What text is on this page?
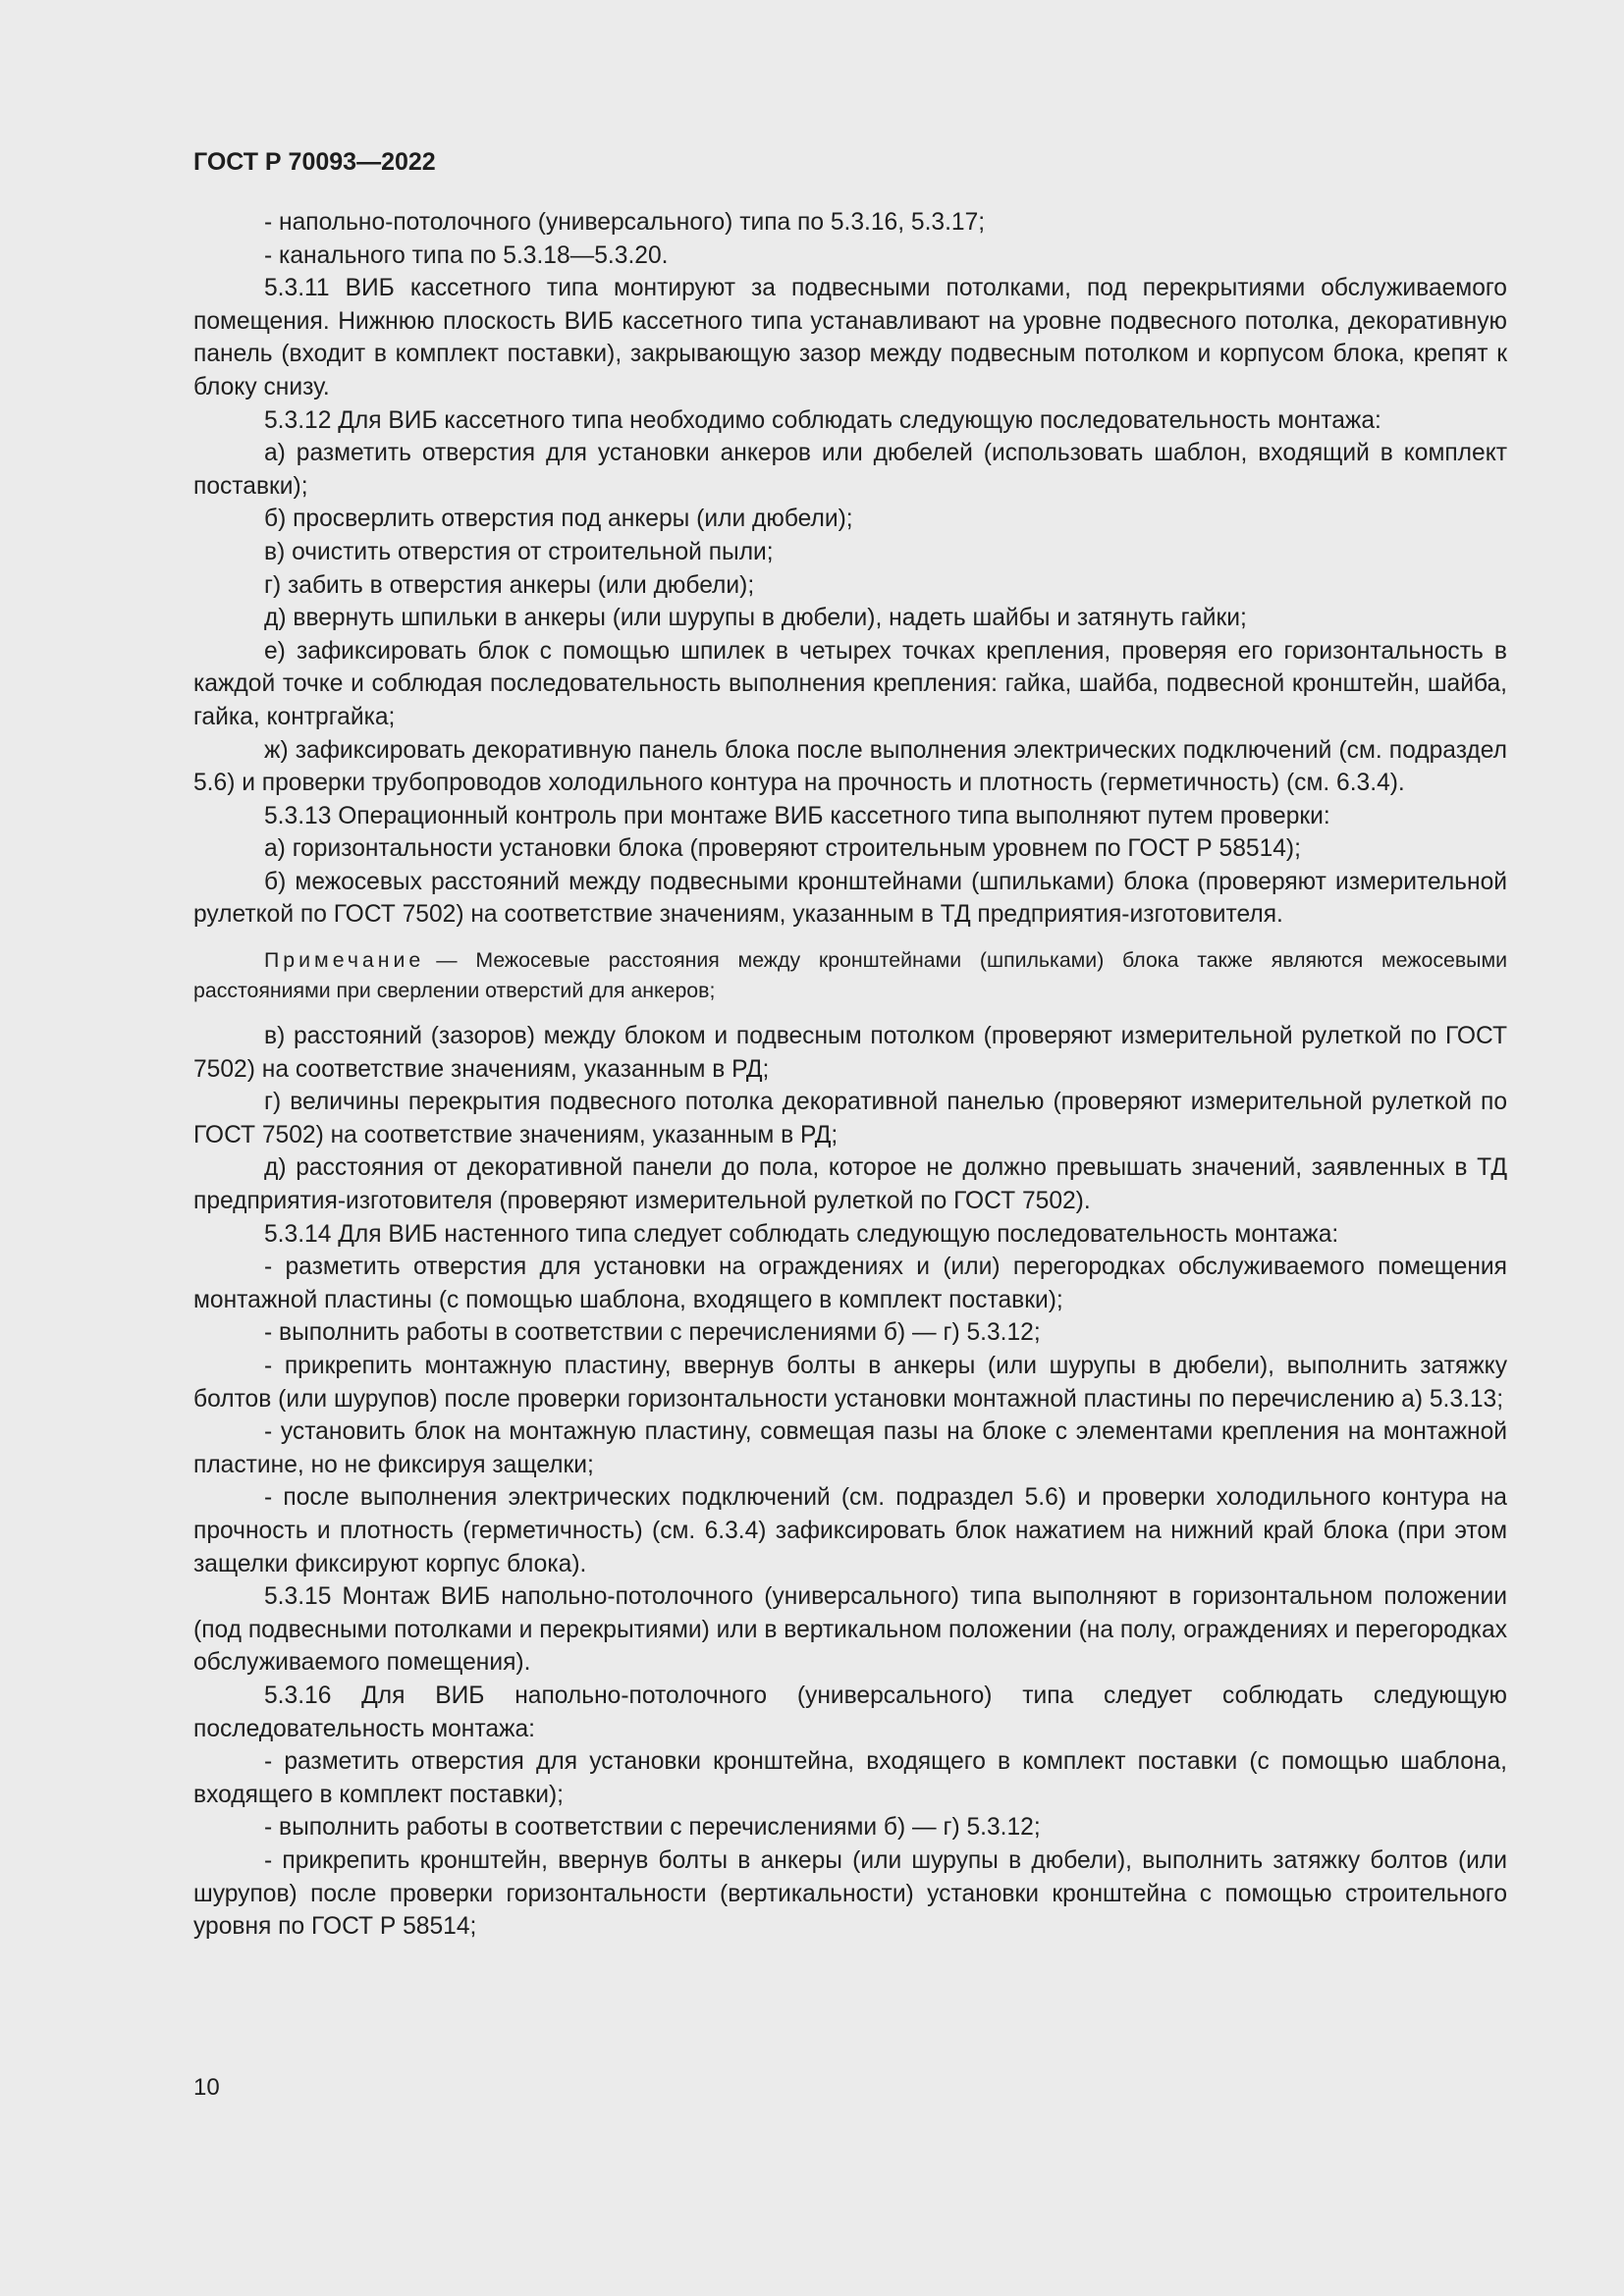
ГОСТ Р 70093—2022

- напольно-потолочного (универсального) типа по 5.3.16, 5.3.17;

- канального типа по 5.3.18—5.3.20.

5.3.11 ВИБ кассетного типа монтируют за подвесными потолками, под перекрытиями обслуживаемого помещения. Нижнюю плоскость ВИБ кассетного типа устанавливают на уровне подвесного потолка, декоративную панель (входит в комплект поставки), закрывающую зазор между подвесным потолком и корпусом блока, крепят к блоку снизу.

5.3.12 Для ВИБ кассетного типа необходимо соблюдать следующую последовательность монтажа:

а) разметить отверстия для установки анкеров или дюбелей (использовать шаблон, входящий в комплект поставки);

б) просверлить отверстия под анкеры (или дюбели);

в) очистить отверстия от строительной пыли;

г) забить в отверстия анкеры (или дюбели);

д) ввернуть шпильки в анкеры (или шурупы в дюбели), надеть шайбы и затянуть гайки;

е) зафиксировать блок с помощью шпилек в четырех точках крепления, проверяя его горизонтальность в каждой точке и соблюдая последовательность выполнения крепления: гайка, шайба, подвесной кронштейн, шайба, гайка, контргайка;

ж) зафиксировать декоративную панель блока после выполнения электрических подключений (см. подраздел 5.6) и проверки трубопроводов холодильного контура на прочность и плотность (герметичность) (см. 6.3.4).

5.3.13 Операционный контроль при монтаже ВИБ кассетного типа выполняют путем проверки:

а) горизонтальности установки блока (проверяют строительным уровнем по ГОСТ Р 58514);

б) межосевых расстояний между подвесными кронштейнами (шпильками) блока (проверяют измерительной рулеткой по ГОСТ 7502) на соответствие значениям, указанным в ТД предприятия-изготовителя.

Примечание — Межосевые расстояния между кронштейнами (шпильками) блока также являются межосевыми расстояниями при сверлении отверстий для анкеров;

в) расстояний (зазоров) между блоком и подвесным потолком (проверяют измерительной рулеткой по ГОСТ 7502) на соответствие значениям, указанным в РД;

г) величины перекрытия подвесного потолка декоративной панелью (проверяют измерительной рулеткой по ГОСТ 7502) на соответствие значениям, указанным в РД;

д) расстояния от декоративной панели до пола, которое не должно превышать значений, заявленных в ТД предприятия-изготовителя (проверяют измерительной рулеткой по ГОСТ 7502).

5.3.14 Для ВИБ настенного типа следует соблюдать следующую последовательность монтажа:

- разметить отверстия для установки на ограждениях и (или) перегородках обслуживаемого помещения монтажной пластины (с помощью шаблона, входящего в комплект поставки);

- выполнить работы в соответствии с перечислениями б) — г) 5.3.12;

- прикрепить монтажную пластину, ввернув болты в анкеры (или шурупы в дюбели), выполнить затяжку болтов (или шурупов) после проверки горизонтальности установки монтажной пластины по перечислению а) 5.3.13;

- установить блок на монтажную пластину, совмещая пазы на блоке с элементами крепления на монтажной пластине, но не фиксируя защелки;

- после выполнения электрических подключений (см. подраздел 5.6) и проверки холодильного контура на прочность и плотность (герметичность) (см. 6.3.4) зафиксировать блок нажатием на нижний край блока (при этом защелки фиксируют корпус блока).

5.3.15 Монтаж ВИБ напольно-потолочного (универсального) типа выполняют в горизонтальном положении (под подвесными потолками и перекрытиями) или в вертикальном положении (на полу, ограждениях и перегородках обслуживаемого помещения).

5.3.16 Для ВИБ напольно-потолочного (универсального) типа следует соблюдать следующую последовательность монтажа:

- разметить отверстия для установки кронштейна, входящего в комплект поставки (с помощью шаблона, входящего в комплект поставки);

- выполнить работы в соответствии с перечислениями б) — г) 5.3.12;

- прикрепить кронштейн, ввернув болты в анкеры (или шурупы в дюбели), выполнить затяжку болтов (или шурупов) после проверки горизонтальности (вертикальности) установки кронштейна с помощью строительного уровня по ГОСТ Р 58514;

10
